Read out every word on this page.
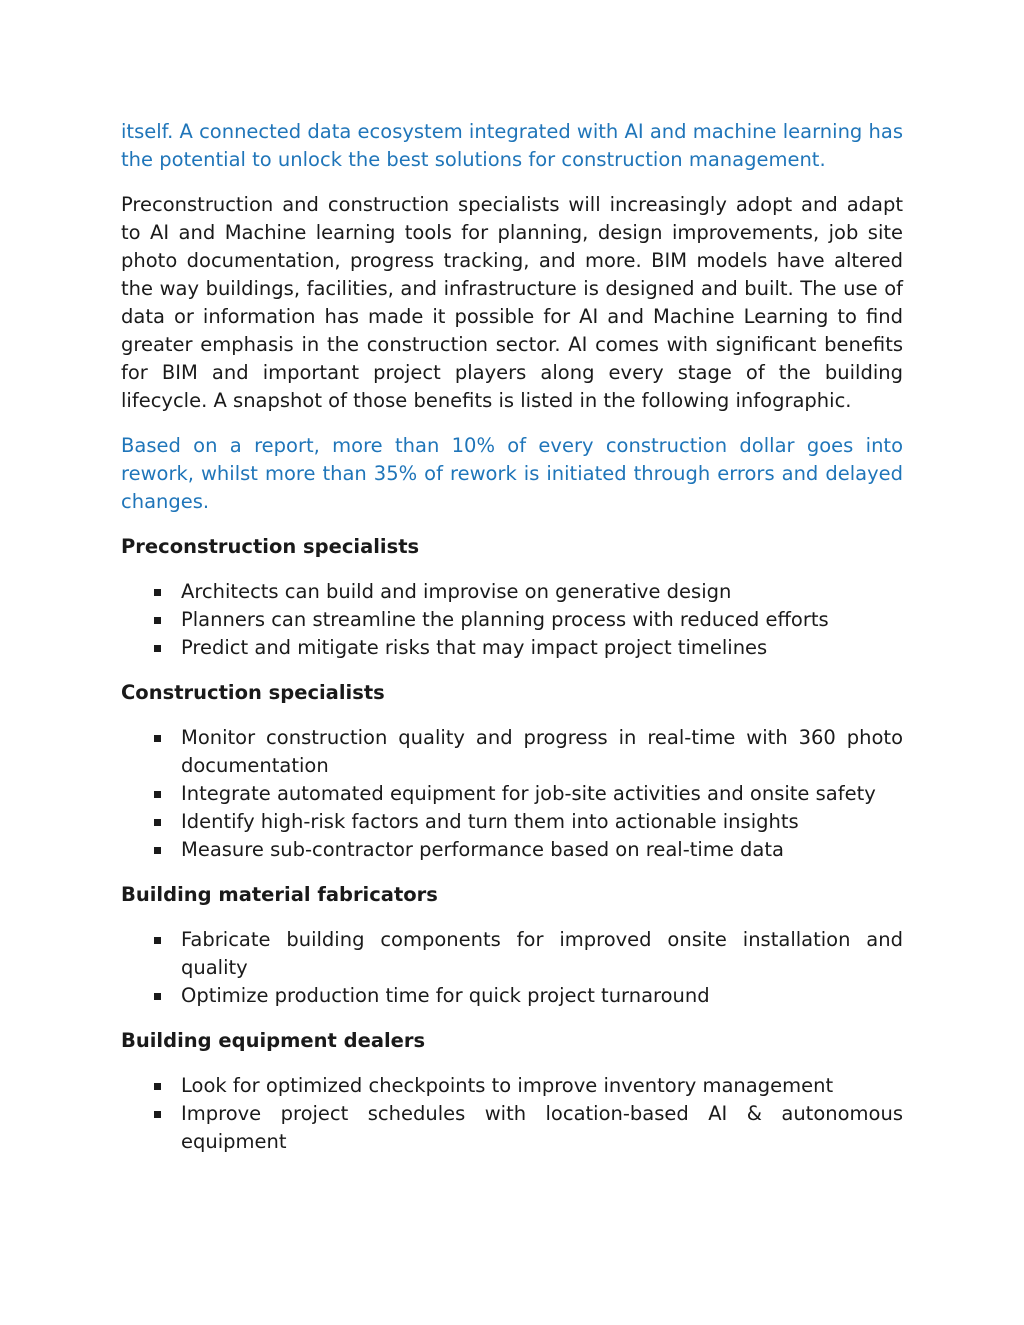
itself. A connected data ecosystem integrated with AI and machine learning has the potential to unlock the best solutions for construction management.

Preconstruction and construction specialists will increasingly adopt and adapt to AI and Machine learning tools for planning, design improvements, job site photo documentation, progress tracking, and more. BIM models have altered the way buildings, facilities, and infrastructure is designed and built. The use of data or information has made it possible for AI and Machine Learning to find greater emphasis in the construction sector. AI comes with significant benefits for BIM and important project players along every stage of the building lifecycle. A snapshot of those benefits is listed in the following infographic.

Based on a report, more than 10% of every construction dollar goes into rework, whilst more than 35% of rework is initiated through errors and delayed changes.

Preconstruction specialists
Architects can build and improvise on generative design
Planners can streamline the planning process with reduced efforts
Predict and mitigate risks that may impact project timelines
Construction specialists
Monitor construction quality and progress in real-time with 360 photo documentation
Integrate automated equipment for job-site activities and onsite safety
Identify high-risk factors and turn them into actionable insights
Measure sub-contractor performance based on real-time data
Building material fabricators
Fabricate building components for improved onsite installation and quality
Optimize production time for quick project turnaround
Building equipment dealers
Look for optimized checkpoints to improve inventory management
Improve project schedules with location-based AI & autonomous equipment
